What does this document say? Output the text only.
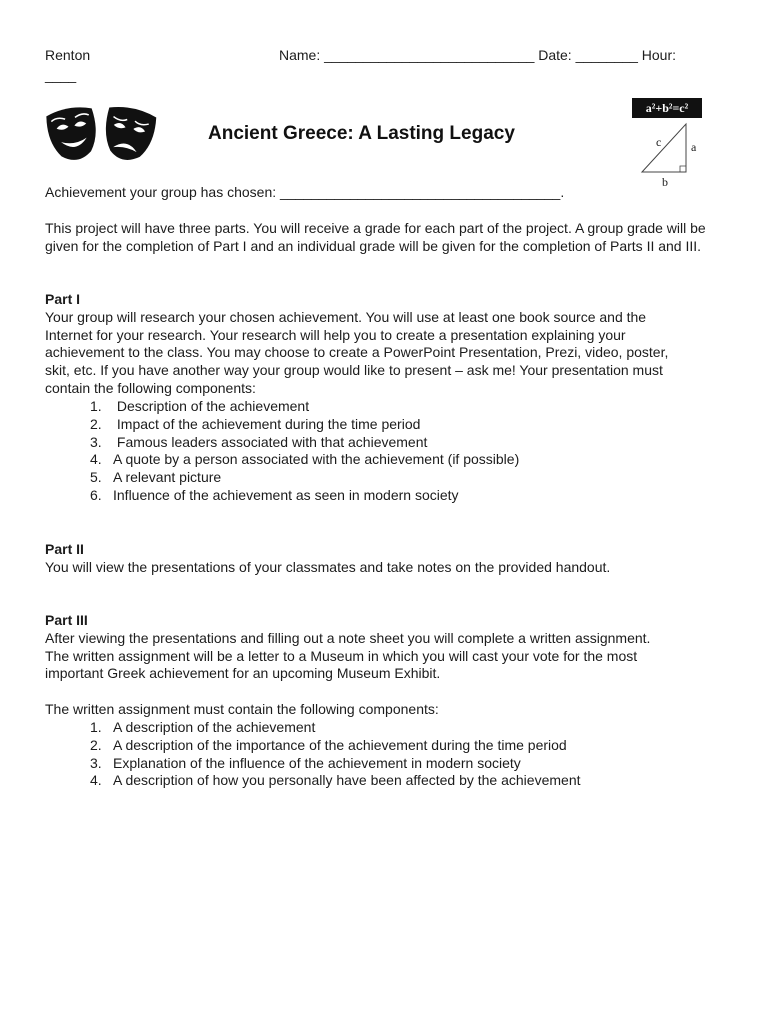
Renton	Name: ___________________________ Date: ________ Hour:
____
Ancient Greece: A Lasting Legacy
a²+b²=c²
c a
b
Achievement your group has chosen: ____________________________________.

This project will have three parts. You will receive a grade for each part of the project. A group grade will be given for the completion of Part I and an individual grade will be given for the completion of Parts II and III.

Part I

Your group will research your chosen achievement. You will use at least one book source and the

Internet for your research. Your research will help you to create a presentation explaining your

achievement to the class. You may choose to create a PowerPoint Presentation, Prezi, video, poster,

skit, etc. If you have another way your group would like to present – ask me! Your presentation must

contain the following components:

1. Description of the achievement
2. Impact of the achievement during the time period
3. Famous leaders associated with that achievement
4. A quote by a person associated with the achievement (if possible)
5. A relevant picture
6. Influence of the achievement as seen in modern society

Part II

You will view the presentations of your classmates and take notes on the provided handout.

Part III

After viewing the presentations and filling out a note sheet you will complete a written assignment.

The written assignment will be a letter to a Museum in which you will cast your vote for the most

important Greek achievement for an upcoming Museum Exhibit.

The written assignment must contain the following components:

1. A description of the achievement
2. A description of the importance of the achievement during the time period
3. Explanation of the influence of the achievement in modern society
4. A description of how you personally have been affected by the achievement
